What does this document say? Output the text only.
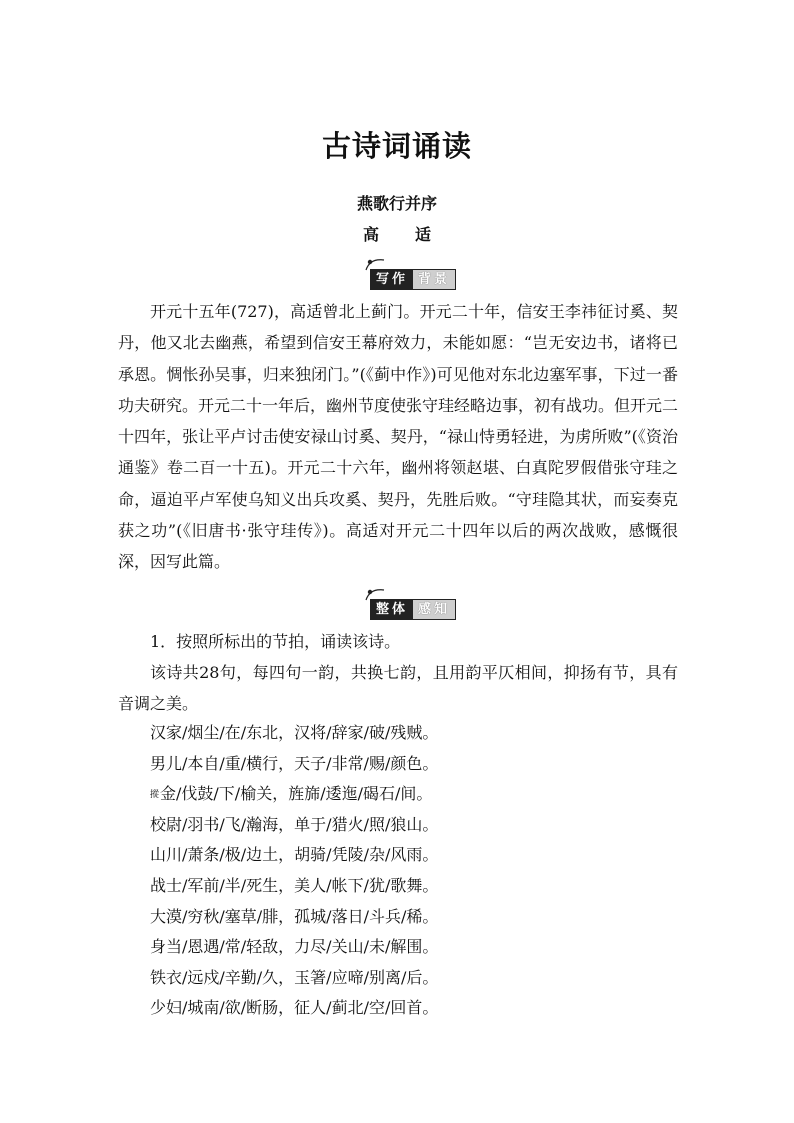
古诗词诵读
燕歌行并序
高　适
写作 背景

开元十五年(727)，高适曾北上蓟门。开元二十年，信安王李祎征讨奚、契丹，他又北去幽燕，希望到信安王幕府效力，未能如愿：“岂无安边书，诸将已承恩。惆怅孙吴事，归来独闭门。”(《蓟中作》)可见他对东北边塞军事，下过一番功夫研究。开元二十一年后，幽州节度使张守珪经略边事，初有战功。但开元二十四年，张让平卢讨击使安禄山讨奚、契丹，“禄山恃勇轻进，为虏所败”(《资治通鉴》卷二百一十五)。开元二十六年，幽州将领赵堪、白真陀罗假借张守珪之命，逼迫平卢军使乌知义出兵攻奚、契丹，先胜后败。“守珪隐其状，而妄奏克获之功”(《旧唐书·张守珪传》)。高适对开元二十四年以后的两次战败，感慨很深，因写此篇。

整体 感知

1．按照所标出的节拍，诵读该诗。

该诗共28句，每四句一韵，共换七韵，且用韵平仄相间，抑扬有节，具有音调之美。

汉家/烟尘/在/东北，汉将/辞家/破/残贼。
男儿/本自/重/横行，天子/非常/赐/颜色。
摐金/伐鼓/下/榆关，旌旆/逶迤/碣石/间。
校尉/羽书/飞/瀚海，单于/猎火/照/狼山。
山川/萧条/极/边土，胡骑/凭陵/杂/风雨。
战士/军前/半/死生，美人/帐下/犹/歌舞。
大漠/穷秋/塞草/腓，孤城/落日/斗兵/稀。
身当/恩遇/常/轻敌，力尽/关山/未/解围。
铁衣/远戍/辛勤/久，玉箸/应啼/别离/后。
少妇/城南/欲/断肠，征人/蓟北/空/回首。
